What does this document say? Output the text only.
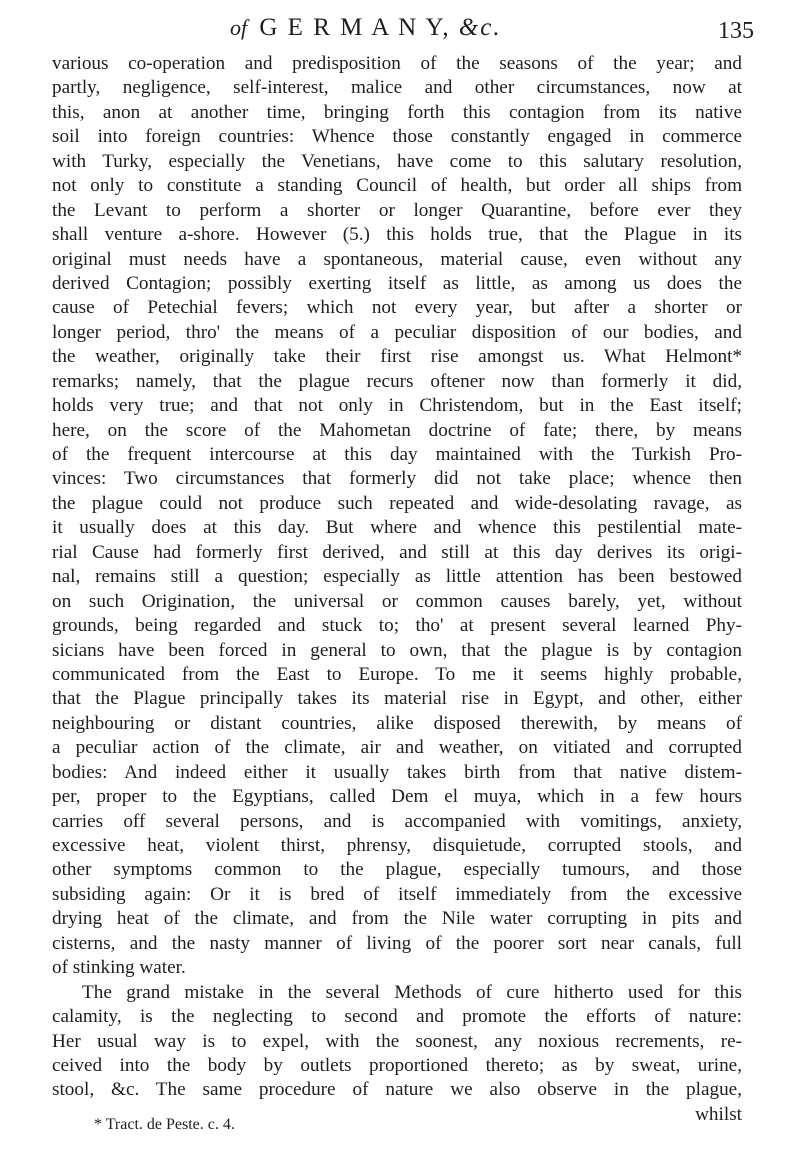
of G E R M A N Y, &c.	135
various co-operation and predisposition of the seasons of the year; and
partly, negligence, self-interest, malice and other circumstances, now at
this, anon at another time, bringing forth this contagion from its native
soil into foreign countries: Whence those constantly engaged in commerce
with Turky, especially the Venetians, have come to this salutary resolution,
not only to constitute a standing Council of health, but order all ships from
the Levant to perform a shorter or longer Quarantine, before ever they
shall venture a-shore. However (5.) this holds true, that the Plague in its
original must needs have a spontaneous, material cause, even without any
derived Contagion; possibly exerting itself as little, as among us does the
cause of Petechial fevers; which not every year, but after a shorter or
longer period, thro' the means of a peculiar disposition of our bodies, and
the weather, originally take their first rise amongst us. What Helmont*
remarks; namely, that the plague recurs oftener now than formerly it did,
holds very true; and that not only in Christendom, but in the East itself;
here, on the score of the Mahometan doctrine of fate; there, by means
of the frequent intercourse at this day maintained with the Turkish Pro-
vinces: Two circumstances that formerly did not take place; whence then
the plague could not produce such repeated and wide-desolating ravage, as
it usually does at this day. But where and whence this pestilential mate-
rial Cause had formerly first derived, and still at this day derives its origi-
nal, remains still a question; especially as little attention has been bestowed
on such Origination, the universal or common causes barely, yet, without
grounds, being regarded and stuck to; tho' at present several learned Phy-
sicians have been forced in general to own, that the plague is by contagion
communicated from the East to Europe. To me it seems highly probable,
that the Plague principally takes its material rise in Egypt, and other, either
neighbouring or distant countries, alike disposed therewith, by means of
a peculiar action of the climate, air and weather, on vitiated and corrupted
bodies: And indeed either it usually takes birth from that native distem-
per, proper to the Egyptians, called Dem el muya, which in a few hours
carries off several persons, and is accompanied with vomitings, anxiety,
excessive heat, violent thirst, phrensy, disquietude, corrupted stools, and
other symptoms common to the plague, especially tumours, and those
subsiding again: Or it is bred of itself immediately from the excessive
drying heat of the climate, and from the Nile water corrupting in pits and
cisterns, and the nasty manner of living of the poorer sort near canals, full
of stinking water.
The grand mistake in the several Methods of cure hitherto used for this
calamity, is the neglecting to second and promote the efforts of nature:
Her usual way is to expel, with the soonest, any noxious recrements, re-
ceived into the body by outlets proportioned thereto; as by sweat, urine,
stool, &c. The same procedure of nature we also observe in the plague,
whilst
* Tract. de Peste. c. 4.
